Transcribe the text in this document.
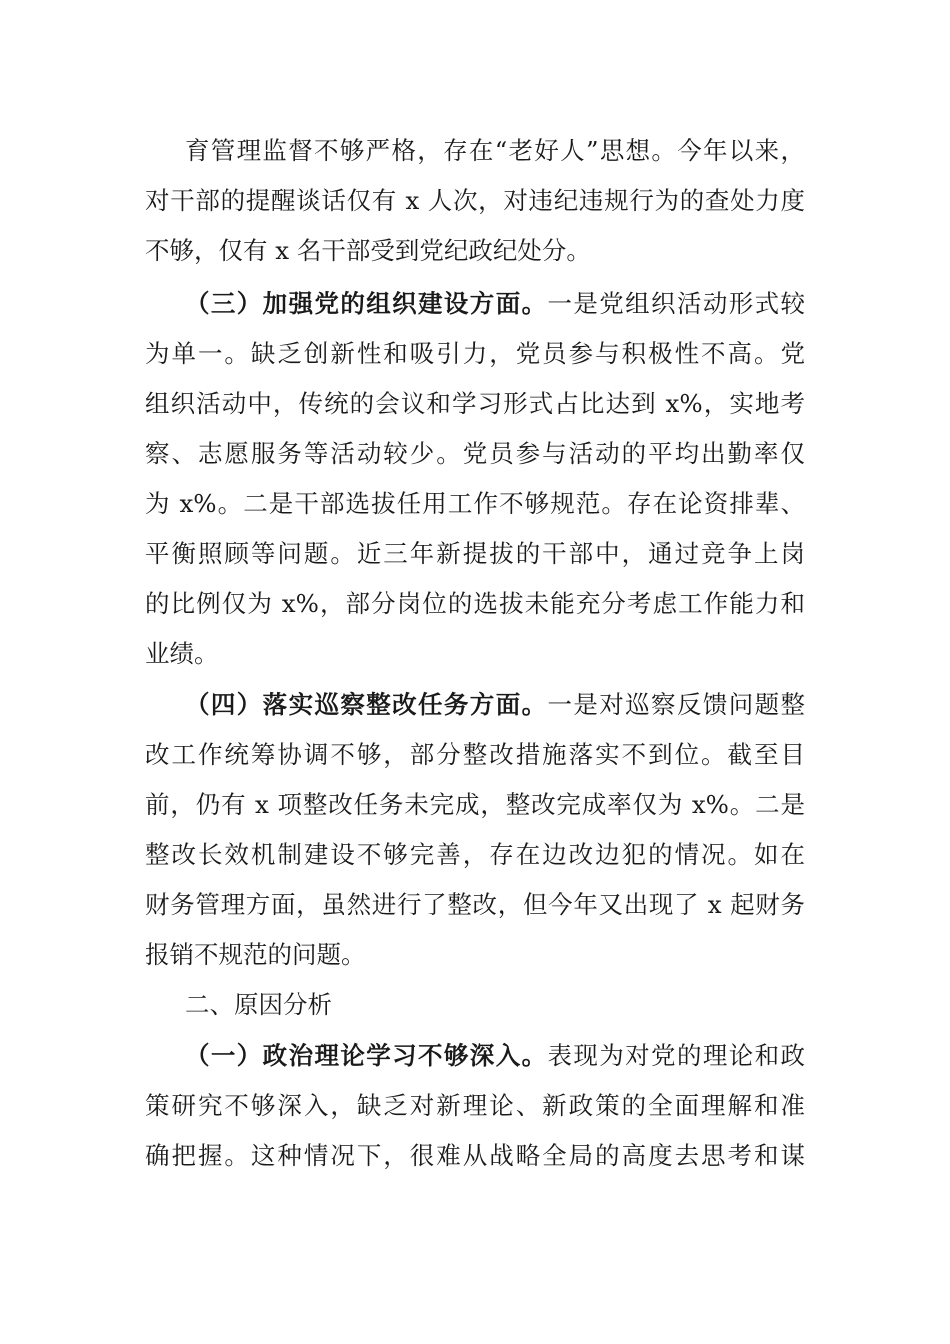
育管理监督不够严格，存在“老好人”思想。今年以来，
对干部的提醒谈话仅有 x 人次，对违纪违规行为的查处力度
不够，仅有 x 名干部受到党纪政纪处分。
（三）加强党的组织建设方面。一是党组织活动形式较
为单一。缺乏创新性和吸引力，党员参与积极性不高。党
组织活动中，传统的会议和学习形式占比达到 x%，实地考
察、志愿服务等活动较少。党员参与活动的平均出勤率仅
为 x%。二是干部选拔任用工作不够规范。存在论资排辈、
平衡照顾等问题。近三年新提拔的干部中，通过竞争上岗
的比例仅为 x%，部分岗位的选拔未能充分考虑工作能力和
业绩。
（四）落实巡察整改任务方面。一是对巡察反馈问题整
改工作统筹协调不够，部分整改措施落实不到位。截至目
前，仍有 x 项整改任务未完成，整改完成率仅为 x%。二是
整改长效机制建设不够完善，存在边改边犯的情况。如在
财务管理方面，虽然进行了整改，但今年又出现了 x 起财务
报销不规范的问题。
二、原因分析
（一）政治理论学习不够深入。表现为对党的理论和政
策研究不够深入，缺乏对新理论、新政策的全面理解和准
确把握。这种情况下，很难从战略全局的高度去思考和谋
